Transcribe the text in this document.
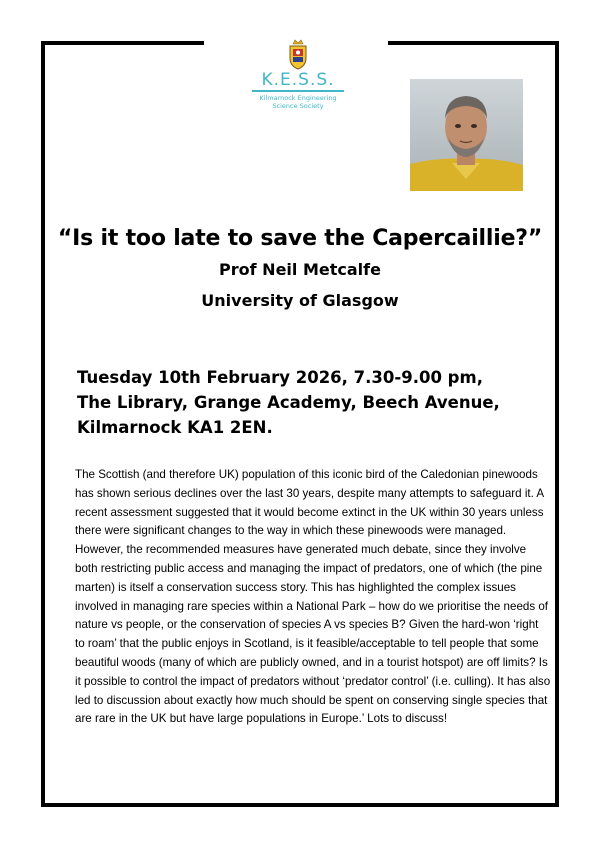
K.E.S.S.
Kilmarnock Engineering
Science Society
“Is it too late to save the Capercaillie?”
Prof Neil Metcalfe
University of Glasgow
Tuesday 10th February 2026, 7.30-9.00 pm,
The Library, Grange Academy, Beech Avenue,
Kilmarnock KA1 2EN.
The Scottish (and therefore UK) population of this iconic bird of the Caledonian pinewoods has shown serious declines over the last 30 years, despite many attempts to safeguard it. A recent assessment suggested that it would become extinct in the UK within 30 years unless there were significant changes to the way in which these pinewoods were managed. However, the recommended measures have generated much debate, since they involve both restricting public access and managing the impact of predators, one of which (the pine marten) is itself a conservation success story. This has highlighted the complex issues involved in managing rare species within a National Park – how do we prioritise the needs of nature vs people, or the conservation of species A vs species B? Given the hard-won ‘right to roam’ that the public enjoys in Scotland, is it feasible/acceptable to tell people that some beautiful woods (many of which are publicly owned, and in a tourist hotspot) are off limits? Is it possible to control the impact of predators without ‘predator control’ (i.e. culling). It has also led to discussion about exactly how much should be spent on conserving single species that are rare in the UK but have large populations in Europe.’ Lots to discuss!
